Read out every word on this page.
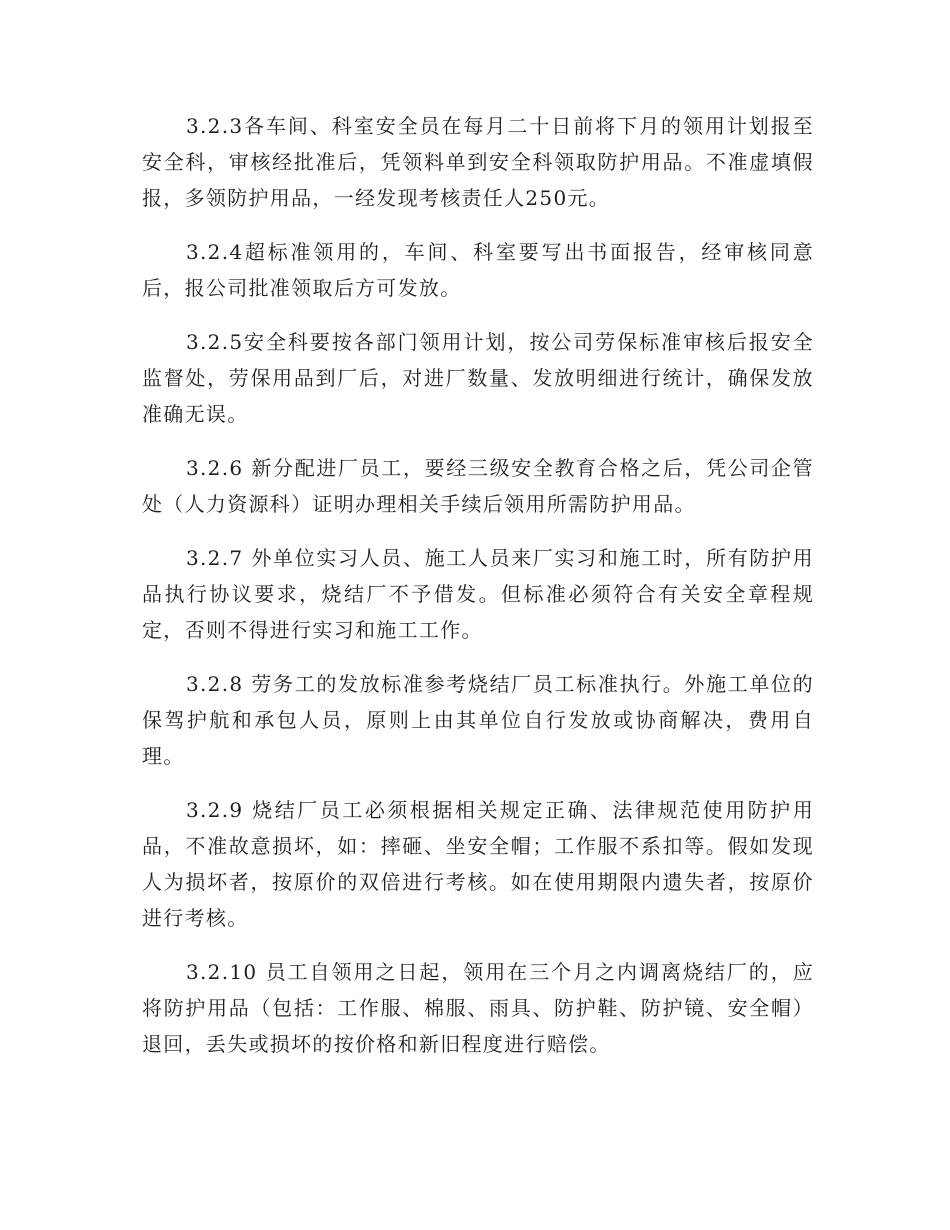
3.2.3各车间、科室安全员在每月二十日前将下月的领用计划报至安全科，审核经批准后，凭领料单到安全科领取防护用品。不准虚填假报，多领防护用品，一经发现考核责任人250元。

3.2.4超标准领用的，车间、科室要写出书面报告，经审核同意后，报公司批准领取后方可发放。

3.2.5安全科要按各部门领用计划，按公司劳保标准审核后报安全监督处，劳保用品到厂后，对进厂数量、发放明细进行统计，确保发放准确无误。

3.2.6 新分配进厂员工，要经三级安全教育合格之后，凭公司企管处（人力资源科）证明办理相关手续后领用所需防护用品。

3.2.7 外单位实习人员、施工人员来厂实习和施工时，所有防护用品执行协议要求，烧结厂不予借发。但标准必须符合有关安全章程规定，否则不得进行实习和施工工作。

3.2.8 劳务工的发放标准参考烧结厂员工标准执行。外施工单位的保驾护航和承包人员，原则上由其单位自行发放或协商解决，费用自理。

3.2.9 烧结厂员工必须根据相关规定正确、法律规范使用防护用品，不准故意损坏，如：摔砸、坐安全帽；工作服不系扣等。假如发现人为损坏者，按原价的双倍进行考核。如在使用期限内遗失者，按原价进行考核。

3.2.10 员工自领用之日起，领用在三个月之内调离烧结厂的，应将防护用品（包括：工作服、棉服、雨具、防护鞋、防护镜、安全帽）退回，丢失或损坏的按价格和新旧程度进行赔偿。
